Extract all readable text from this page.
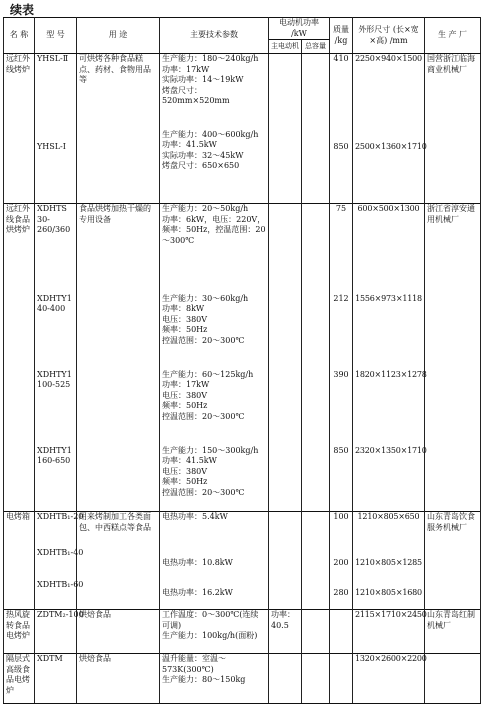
续表
名 称	型 号	用 途	主要技术参数	电动机功率 /kW		质量 /kg	外形尺寸 (长×宽×高) /mm	生 产 厂
				主电动机	总容量			
远红外线烤炉	YHSL-Ⅱ	可烘烤各种食品糕点、药材、食物用品等	生产能力：180～240kg/h
功率：17kW
实际功率：14～19kW
烤盘尺寸：520mm×520mm			410	2250×940×1500	国营浙江临海商业机械厂
	YHSL-Ⅰ		生产能力：400～600kg/h
功率：41.5kW
实际功率：32～45kW
烤盘尺寸：650×650			850	2500×1360×1710	
远红外线食品烘烤炉	XDHTS 30-260/360	食品烘烤加热干燥的专用设备	生产能力：20～50kg/h
功率：6kW，电压：220V，
频率：50Hz，控温范围：20～300℃			75	600×500×1300	浙江省淳安通用机械厂
	XDHTY1 40-400		生产能力：30～60kg/h
功率：8kW
电压：380V
频率：50Hz
控温范围：20～300℃			212	1556×973×1118	
	XDHTY1 100-525		生产能力：60～125kg/h
功率：17kW
电压：380V
频率：50Hz
控温范围：20～300℃			390	1820×1123×1278	
	XDHTY1 160-650		生产能力：150～300kg/h
功率：41.5kW
电压：380V
频率：50Hz
控温范围：20～300℃			850	2320×1350×1710	
电烤箱	XDHTB₁-20	用来烤制加工各类面包、中西糕点等食品	电热功率：5.4kW			100	1210×805×650	山东青岛饮食服务机械厂
	XDHTB₁-40		电热功率：10.8kW			200	1210×805×1285	
	XDHTB₁-60		电热功率：16.2kW			280	1210×805×1680	
热风旋转食品电烤炉	ZDTM₂-100	烘焙食品	工作温度：0～300℃(连续可调)
生产能力：100kg/h(面粉)	功率：40.5			2115×1710×2450	山东青岛红制机械厂
隔层式高级食品电烤炉	XDTM	烘焙食品	温升能量：室温～573K(300℃)
生产能力：80～150kg				1320×2600×2200	
